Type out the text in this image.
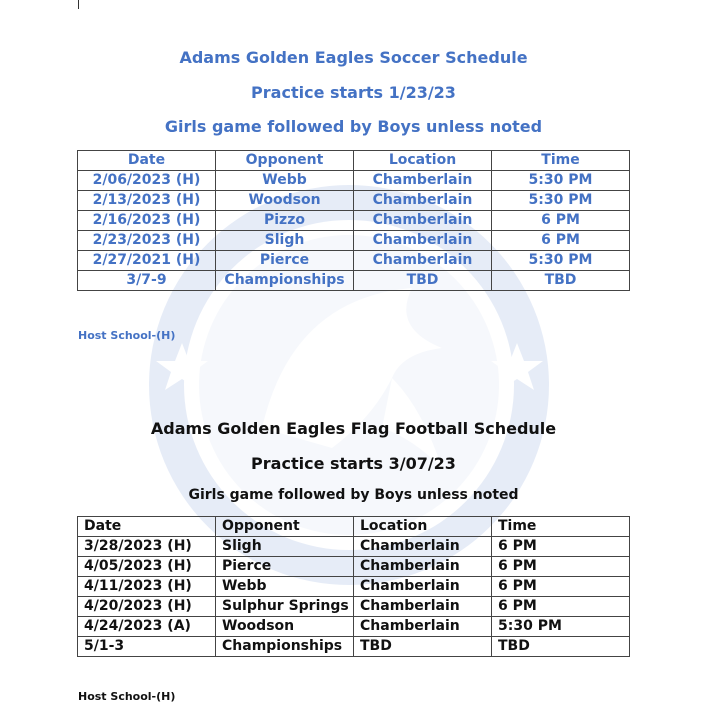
Adams Golden Eagles Soccer Schedule
Practice starts 1/23/23
Girls game followed by Boys unless noted
Date	Opponent	Location	Time
2/06/2023 (H)	Webb	Chamberlain	5:30 PM
2/13/2023 (H)	Woodson	Chamberlain	5:30 PM
2/16/2023 (H)	Pizzo	Chamberlain	6 PM
2/23/2023 (H)	Sligh	Chamberlain	6 PM
2/27/2021 (H)	Pierce	Chamberlain	5:30 PM
3/7-9	Championships	TBD	TBD
Host School-(H)
Adams Golden Eagles Flag Football Schedule
Practice starts 3/07/23
Girls game followed by Boys unless noted
Date	Opponent	Location	Time
3/28/2023 (H)	Sligh	Chamberlain	6 PM
4/05/2023 (H)	Pierce	Chamberlain	6 PM
4/11/2023 (H)	Webb	Chamberlain	6 PM
4/20/2023 (H)	Sulphur Springs	Chamberlain	6 PM
4/24/2023 (A)	Woodson	Chamberlain	5:30 PM
5/1-3	Championships	TBD	TBD
Host School-(H)
